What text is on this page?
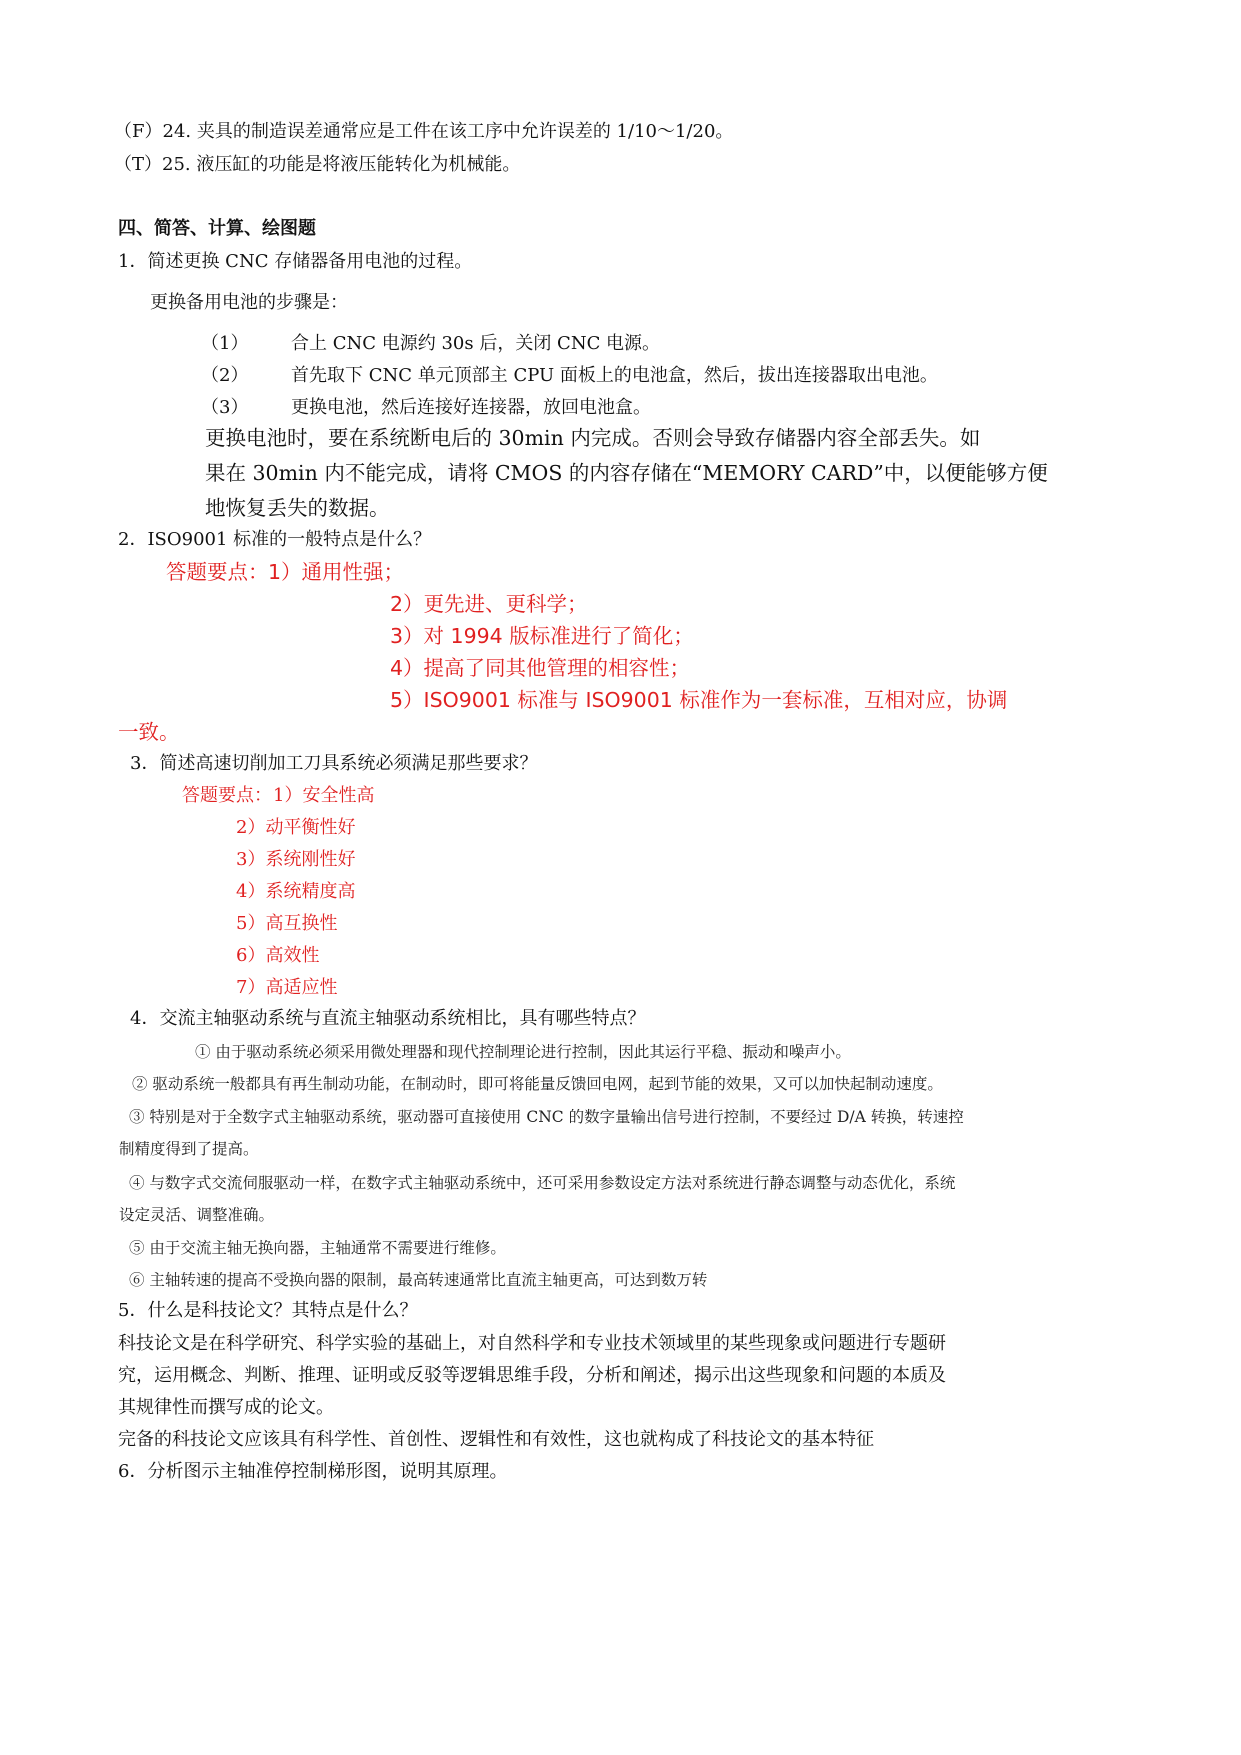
（F）24. 夹具的制造误差通常应是工件在该工序中允许误差的 1/10～1/20。
（T）25. 液压缸的功能是将液压能转化为机械能。
四、简答、计算、绘图题
1．简述更换 CNC 存储器备用电池的过程。
更换备用电池的步骤是：
（1） 合上 CNC 电源约 30s 后，关闭 CNC 电源。
（2） 首先取下 CNC 单元顶部主 CPU 面板上的电池盒，然后，拔出连接器取出电池。
（3） 更换电池，然后连接好连接器，放回电池盒。
更换电池时，要在系统断电后的 30min 内完成。否则会导致存储器内容全部丢失。如
果在 30min 内不能完成，请将 CMOS 的内容存储在“MEMORY CARD”中，以便能够方便
地恢复丢失的数据。
2．ISO9001 标准的一般特点是什么？
答题要点： 1）通用性强；
2）更先进、更科学；
3）对 1994 版标准进行了简化；
4）提高了同其他管理的相容性；
5）ISO9001 标准与 ISO9001 标准作为一套标准，互相对应，协调
一致。
3．简述高速切削加工刀具系统必须满足那些要求？
答题要点： 1）安全性高
2）动平衡性好
3）系统刚性好
4）系统精度高
5）高互换性
6）高效性
7）高适应性
4．交流主轴驱动系统与直流主轴驱动系统相比，具有哪些特点？
① 由于驱动系统必须采用微处理器和现代控制理论进行控制，因此其运行平稳、振动和噪声小。
② 驱动系统一般都具有再生制动功能，在制动时，即可将能量反馈回电网，起到节能的效果，又可以加快起制动速度。
③ 特别是对于全数字式主轴驱动系统，驱动器可直接使用 CNC 的数字量输出信号进行控制，不要经过 D/A 转换，转速控
制精度得到了提高。
④ 与数字式交流伺服驱动一样，在数字式主轴驱动系统中，还可采用参数设定方法对系统进行静态调整与动态优化，系统
设定灵活、调整准确。
⑤ 由于交流主轴无换向器，主轴通常不需要进行维修。
⑥ 主轴转速的提高不受换向器的限制，最高转速通常比直流主轴更高，可达到数万转
5．什么是科技论文？其特点是什么？
科技论文是在科学研究、科学实验的基础上，对自然科学和专业技术领域里的某些现象或问题进行专题研
究，运用概念、判断、推理、证明或反驳等逻辑思维手段，分析和阐述，揭示出这些现象和问题的本质及
其规律性而撰写成的论文。
完备的科技论文应该具有科学性、首创性、逻辑性和有效性，这也就构成了科技论文的基本特征
6．分析图示主轴准停控制梯形图，说明其原理。
